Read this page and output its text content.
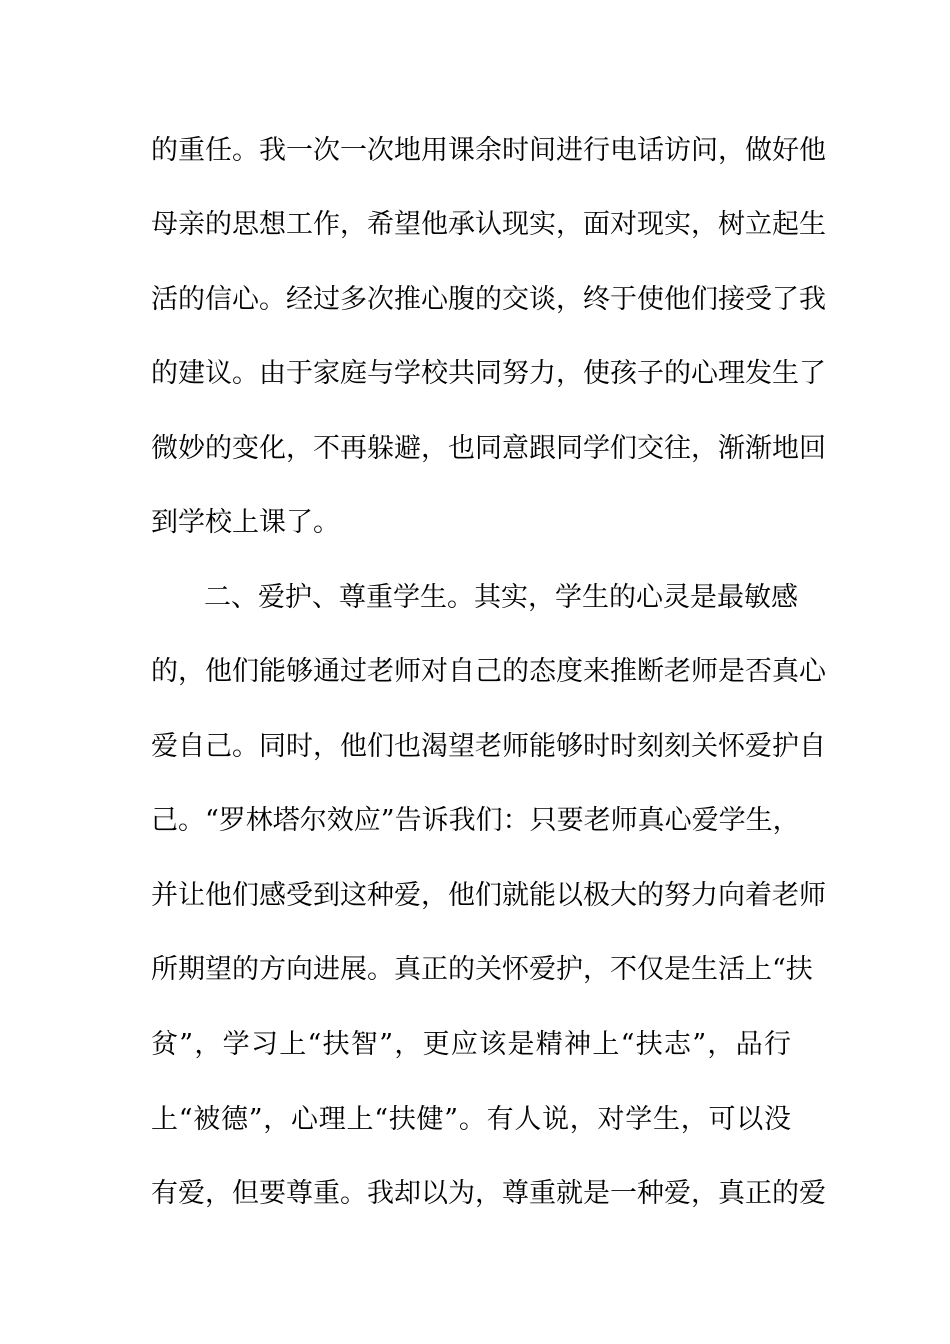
的重任。我一次一次地用课余时间进行电话访问，做好他
母亲的思想工作，希望他承认现实，面对现实，树立起生
活的信心。经过多次推心腹的交谈，终于使他们接受了我
的建议。由于家庭与学校共同努力，使孩子的心理发生了
微妙的变化，不再躲避，也同意跟同学们交往，渐渐地回
到学校上课了。
二、爱护、尊重学生。其实，学生的心灵是最敏感
的，他们能够通过老师对自己的态度来推断老师是否真心
爱自己。同时，他们也渴望老师能够时时刻刻关怀爱护自
己。“罗林塔尔效应”告诉我们：只要老师真心爱学生，
并让他们感受到这种爱，他们就能以极大的努力向着老师
所期望的方向进展。真正的关怀爱护，不仅是生活上“扶
贫”，学习上“扶智”，更应该是精神上“扶志”，品行
上“被德”，心理上“扶健”。有人说，对学生，可以没
有爱，但要尊重。我却以为，尊重就是一种爱，真正的爱
